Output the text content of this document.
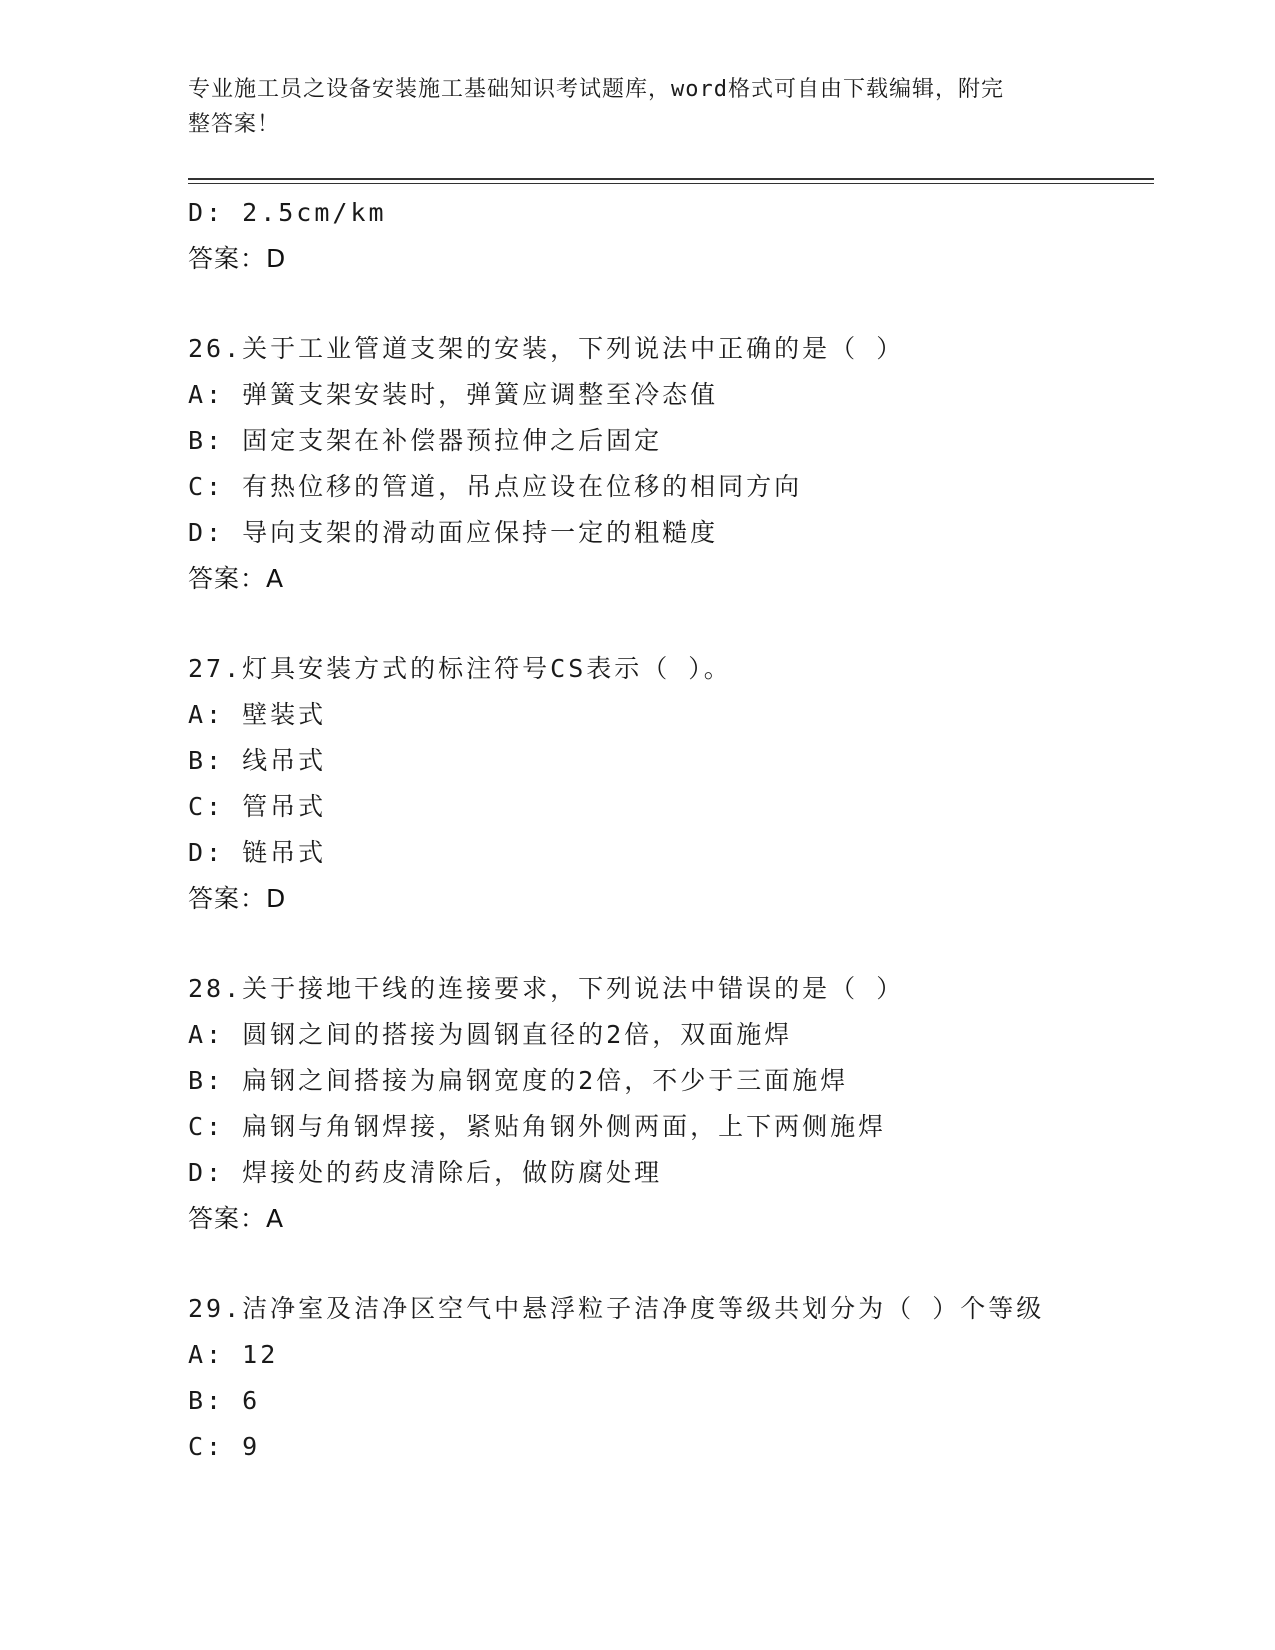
专业施工员之设备安装施工基础知识考试题库，word格式可自由下载编辑，附完
整答案！
D: 2.5cm/km
答案：D
26.关于工业管道支架的安装，下列说法中正确的是（ ）
A: 弹簧支架安装时，弹簧应调整至冷态值
B: 固定支架在补偿器预拉伸之后固定
C: 有热位移的管道，吊点应设在位移的相同方向
D: 导向支架的滑动面应保持一定的粗糙度
答案：A
27.灯具安装方式的标注符号CS表示（ ）。
A: 壁装式
B: 线吊式
C: 管吊式
D: 链吊式
答案：D
28.关于接地干线的连接要求，下列说法中错误的是（ ）
A: 圆钢之间的搭接为圆钢直径的2倍，双面施焊
B: 扁钢之间搭接为扁钢宽度的2倍，不少于三面施焊
C: 扁钢与角钢焊接，紧贴角钢外侧两面，上下两侧施焊
D: 焊接处的药皮清除后，做防腐处理
答案：A
29.洁净室及洁净区空气中悬浮粒子洁净度等级共划分为（ ）个等级
A: 12
B: 6
C: 9
